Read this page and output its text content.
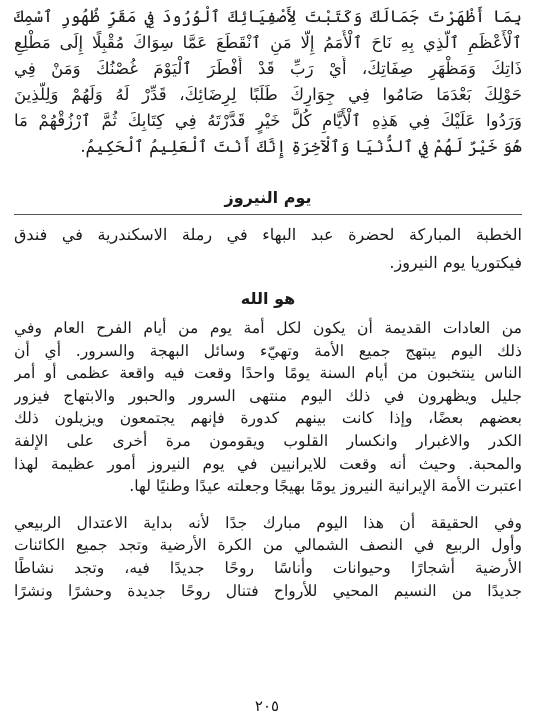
بِمَا أَظْهَرْتَ جَمَالَكَ وَكَتَبْتَ لِأَصْفِيَائِكَ ٱلْوُرُودَ فِي مَقَرِّ ظُهُورِ ٱسْمِكَ
ٱلْأَعْظَمِ ٱلَّذِي بِهِ نَاحَ ٱلْأُمَمُ إِلَّا مَنِ ٱنْقَطَعَ عَمَّا سِوَاكَ مُقْبِلًا إِلَى مَطْلِعِ
ذَاتِكَ وَمَظْهَرِ صِفَاتِكَ، أَيْ رَبِّ قَدْ أَفْطَرَ ٱلْيَوْمَ غُصْنُكَ وَمَنْ فِي
حَوْلِكَ بَعْدَمَا صَامُوا فِي جِوَارِكَ طَلَبًا لِرِضَائِكَ، قَدِّرْ لَهُ وَلَهُمْ وَلِلَّذِينَ
وَرَدُوا عَلَيْكَ فِي هَذِهِ ٱلْأَيَّامِ كُلَّ خَيْرٍ قَدَّرْتَهُ فِي كِتَابِكَ ثُمَّ ٱرْزُقْهُمْ مَا
هُوَ خَيْرٌ لَهُمْ فِي ٱلدُّنْيَا وَٱلْآخِرَةِ إِنَّكَ أَنْتَ ٱلْعَلِيمُ ٱلْحَكِيمُ.
يوم النيروز
الخطبة المباركة لحضرة عبد البهاء في رملة الاسكندرية في فندق
فيكتوريا يوم النيروز.
هو الله
من العادات القديمة أن يكون لكل أمة يوم من أيام الفرح العام وفي
ذلك اليوم يبتهج جميع الأمة وتهيّء وسائل البهجة والسرور. أي أن
الناس ينتخبون من أيام السنة يومًا واحدًا وقعت فيه واقعة عظمى أو أمر
جليل ويظهرون في ذلك اليوم منتهى السرور والحبور والابتهاج فيزور
بعضهم بعضًا، وإذا كانت بينهم كدورة فإنهم يجتمعون ويزيلون ذلك
الكدر والاغبرار وانكسار القلوب ويقومون مرة أخرى على الإلفة
والمحبة. وحيث أنه وقعت للايرانيين في يوم النيروز أمور عظيمة لهذا
اعتبرت الأمة الإيرانية النيروز يومًا بهيجًا وجعلته عيدًا وطنيًا لها.
وفي الحقيقة أن هذا اليوم مبارك جدًا لأنه بداية الاعتدال الربيعي
وأول الربيع في النصف الشمالي من الكرة الأرضية وتجد جميع الكائنات
الأرضية أشجارًا وحيوانات وأناسًا روحًا جديدًا فيه، وتجد نشاطًا
جديدًا من النسيم المحيي للأرواح فتنال روحًا جديدة وحشرًا ونشرًا
٢٠٥
